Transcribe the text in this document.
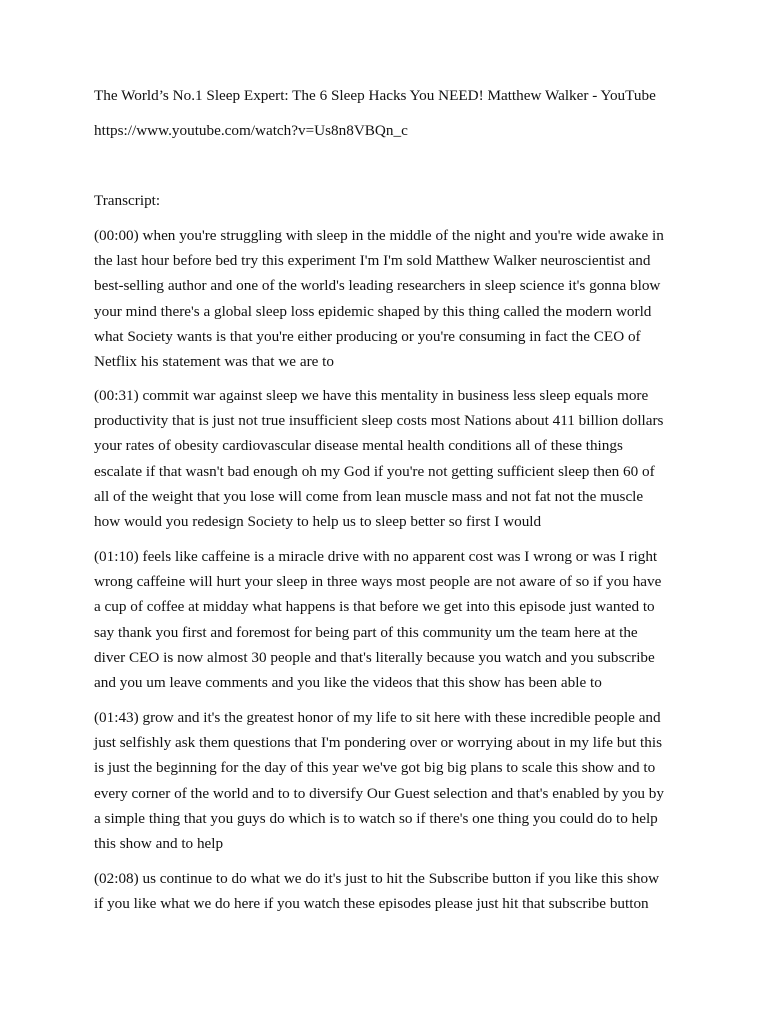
The World’s No.1 Sleep Expert: The 6 Sleep Hacks You NEED! Matthew Walker - YouTube

https://www.youtube.com/watch?v=Us8n8VBQn_c

Transcript:

(00:00) when you're struggling with sleep in the middle of the night and you're wide awake in
the last hour before bed try this experiment I'm I'm sold Matthew Walker neuroscientist and
best-selling author and one of the world's leading researchers in sleep science it's gonna blow
your mind there's a global sleep loss epidemic shaped by this thing called the modern world
what Society wants is that you're either producing or you're consuming in fact the CEO of
Netflix his statement was that we are to
(00:31) commit war against sleep we have this mentality in business less sleep equals more
productivity that is just not true insufficient sleep costs most Nations about 411 billion dollars
your rates of obesity cardiovascular disease mental health conditions all of these things
escalate if that wasn't bad enough oh my God if you're not getting sufficient sleep then 60 of
all of the weight that you lose will come from lean muscle mass and not fat not the muscle
how would you redesign Society to help us to sleep better so first I would
(01:10) feels like caffeine is a miracle drive with no apparent cost was I wrong or was I right
wrong caffeine will hurt your sleep in three ways most people are not aware of so if you have
a cup of coffee at midday what happens is that before we get into this episode just wanted to
say thank you first and foremost for being part of this community um the team here at the
diver CEO is now almost 30 people and that's literally because you watch and you subscribe
and you um leave comments and you like the videos that this show has been able to
(01:43) grow and it's the greatest honor of my life to sit here with these incredible people and
just selfishly ask them questions that I'm pondering over or worrying about in my life but this
is just the beginning for the day of this year we've got big big plans to scale this show and to
every corner of the world and to to diversify Our Guest selection and that's enabled by you by
a simple thing that you guys do which is to watch so if there's one thing you could do to help
this show and to help
(02:08) us continue to do what we do it's just to hit the Subscribe button if you like this show
if you like what we do here if you watch these episodes please just hit that subscribe button
